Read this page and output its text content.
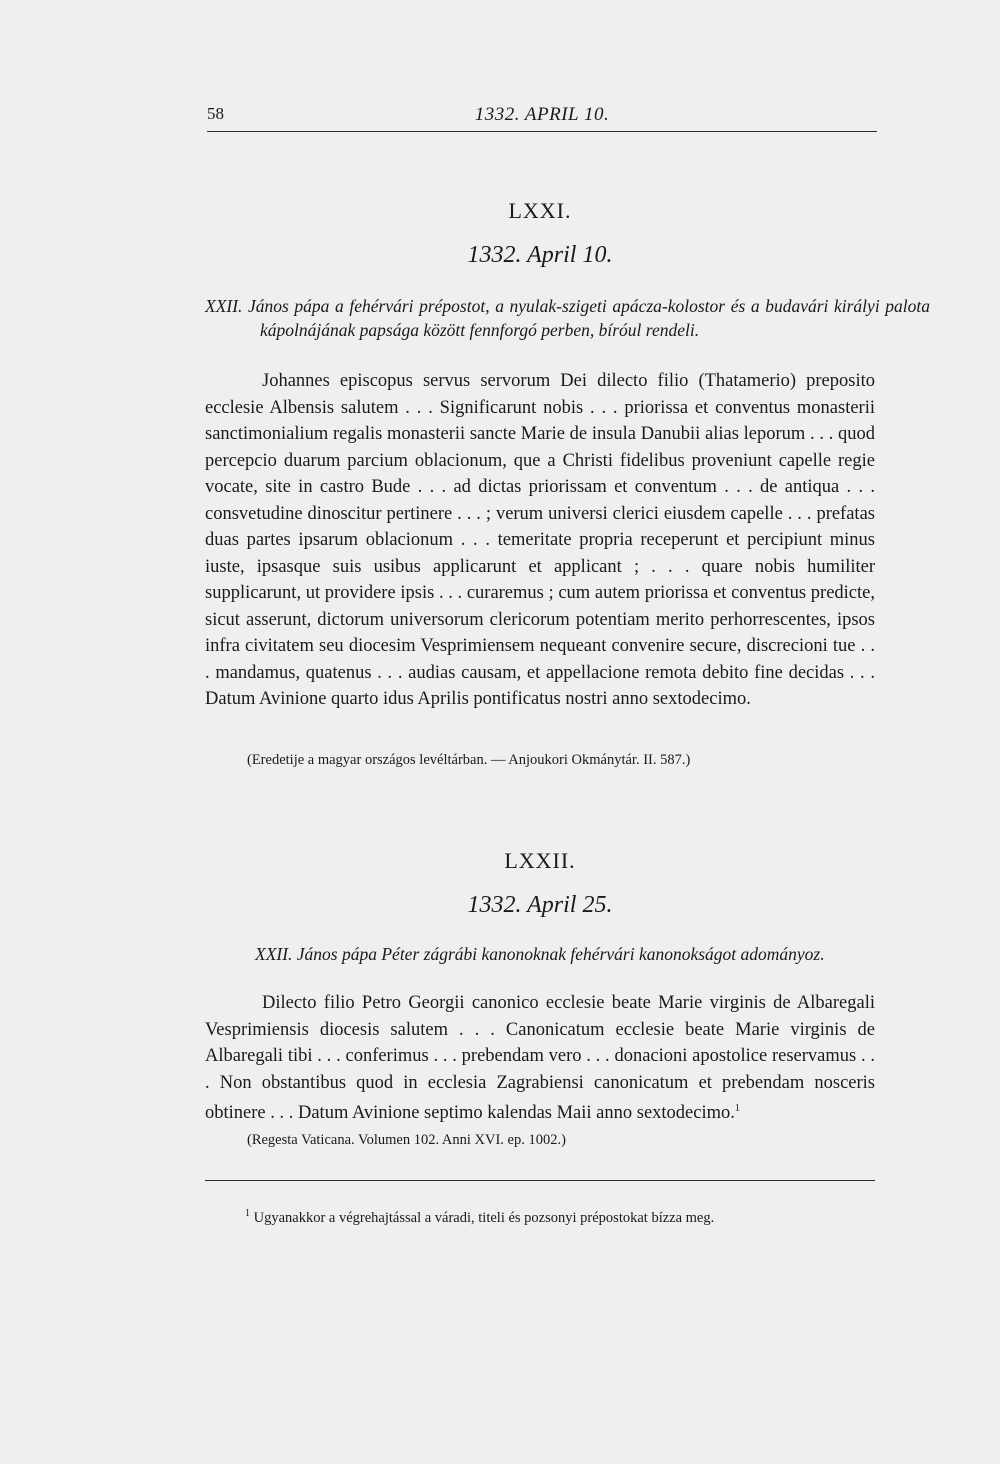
58	1332. APRIL 10.
LXXI.
1332. April 10.
XXII. János pápa a fehérvári prépostot, a nyulak-szigeti apácza-kolostor és a budavári királyi palota kápolnájának papsága között fennforgó perben, bíróul rendeli.

Johannes episcopus servus servorum Dei dilecto filio (Thatamerio) preposito ecclesie Albensis salutem . . . Significarunt nobis . . . priorissa et conventus monasterii sanctimonialium regalis monasterii sancte Marie de insula Danubii alias leporum . . . quod percepcio duarum parcium oblacionum, que a Christi fidelibus proveniunt capelle regie vocate, site in castro Bude . . . ad dictas priorissam et conventum . . . de antiqua . . . consvetudine dinoscitur pertinere . . . ; verum universi clerici eiusdem capelle . . . prefatas duas partes ipsarum oblacionum . . . temeritate propria receperunt et percipiunt minus iuste, ipsasque suis usibus applicarunt et applicant ; . . . quare nobis humiliter supplicarunt, ut providere ipsis . . . curaremus ; cum autem priorissa et conventus predicte, sicut asserunt, dictorum universorum clericorum potentiam merito perhorrescentes, ipsos infra civitatem seu diocesim Vesprimiensem nequeant convenire secure, discrecioni tue . . . mandamus, quatenus . . . audias causam, et appellacione remota debito fine decidas . . . Datum Avinione quarto idus Aprilis pontificatus nostri anno sextodecimo.

(Eredetije a magyar országos levéltárban. — Anjoukori Okmánytár. II. 587.)
LXXII.
1332. April 25.
XXII. János pápa Péter zágrábi kanonoknak fehérvári kanonokságot adományoz.

Dilecto filio Petro Georgii canonico ecclesie beate Marie virginis de Albaregali Vesprimiensis diocesis salutem . . . Canonicatum ecclesie beate Marie virginis de Albaregali tibi . . . conferimus . . . prebendam vero . . . donacioni apostolice reservamus . . . Non obstantibus quod in ecclesia Zagrabiensi canonicatum et prebendam nosceris obtinere . . . Datum Avinione septimo kalendas Maii anno sextodecimo.$^1$

(Regesta Vaticana. Volumen 102. Anni XVI. ep. 1002.)
$^1$ Ugyanakkor a végrehajtással a váradi, titeli és pozsonyi prépostokat bízza meg.
